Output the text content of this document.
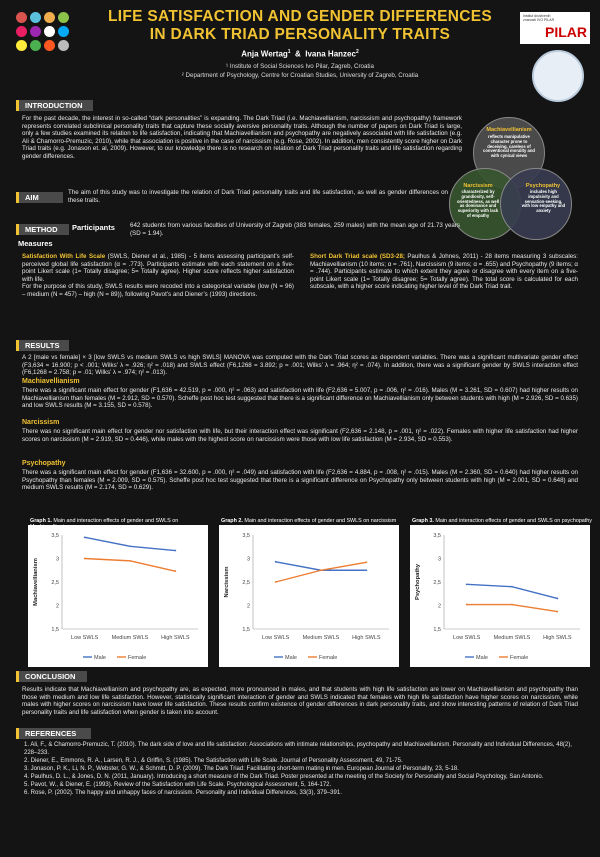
LIFE SATISFACTION AND GENDER DIFFERENCES
IN DARK TRIAD PERSONALITY TRAITS
Anja Wertag$^1$ & Ivana Hanzec$^2$
¹ Institute of Social Sciences Ivo Pilar, Zagreb, Croatia
² Department of Psychology, Centre for Croatian Studies, University of Zagreb, Croatia
Institut društvenih znanosti IVO PILAR
PILAR
INTRODUCTION
For the past decade, the interest in so-called “dark personalities” is expanding. The Dark Triad (i.e. Machiavellianism, narcissism and psychopathy) framework represents correlated subclinical personality traits that capture these socially aversive personality traits. Although the number of papers on Dark Triad is large, only a few studies examined its relation to life satisfaction, indicating that Machiavellianism and psychopathy are negatively associated with life satisfaction (e.g. Ali & Chamorro-Premuzic, 2010), while that association is positive in the case of narcissism (e.g. Rose, 2002). In addition, men consistently score higher on Dark Triad traits (e.g. Jonason et. al, 2009). However, to our knowledge there is no research on relation of Dark Triad personality traits and life satisfaction regarding gender differences.
Machiavellianism
reflects manipulative character prone to deceiving, careless of conventional morality and with cynical views
Narcissism
characterized by grandiosity, self-orientedness, as well as dominance and superiority with lack of empathy
Psychopathy
includes high impulsivity and sensation-seeking, with low empathy and anxiety
AIM
The aim of this study was to investigate the relation of Dark Triad personality traits and life satisfaction, as well as gender differences on these traits.
METHOD	Participants 642 students from various faculties of University of Zagreb (383 females, 259 males) with the mean age of 21.73 years (SD = 1.94).
Measures
Satisfaction With Life Scale (SWLS, Diener et al., 1985) - 5 items assessing participant’s self-perceived global life satisfaction (α = .773). Participants estimate with each statement on a five-point Likert scale (1= Totally disagree; 5= Totally agree). Higher score reflects higher satisfaction with life.
For the purpose of this study, SWLS results were recoded into a categorical variable (low (N = 96) – medium (N = 457) – high (N = 89)), following Pavot’s and Diener’s (1993) directions.
Short Dark Triad scale (SD3-28; Paulhus & Johnes, 2011) - 28 items measuring 3 subscales: Machiavellianism (10 items; α = .761), Narcissism (9 items; α = .655) and Psychopathy (9 items; α = .744). Participants estimate to which extent they agree or disagree with every item on a five-point Likert scale (1= Totally disagree; 5= Totally agree). The total score is calculated for each subscale, with a higher score indicating higher level of the Dark Triad trait.
RESULTS
A 2 [male vs female] × 3 [low SWLS vs medium SWLS vs high SWLS] MANOVA was computed with the Dark Triad scores as dependent variables. There was a significant multivariate gender effect (F3,634 = 16.900; p < .001; Wilks’ λ = .926; η² = .018) and SWLS effect (F6,1268 = 3.892; p = .001; Wilks’ λ = .964; η² = .074). In addition, there was a significant gender by SWLS interaction effect (F6,1268 = 2.758; p = .01; Wilks’ λ = .974; η² = .013).
Machiavellianism
There was a significant main effect for gender (F1,636 = 42.519, p = .000, η² = .063) and satisfaction with life (F2,636 = 5.007, p = .006, η² = .016). Males (M = 3.261, SD = 0.607) had higher results on Machiavellianism than females (M = 2.912, SD = 0.570). Scheffe post hoc test suggested that there is a significant difference on Machiavellianism only between students with high (M = 2.926, SD = 0.635) and low SWLS results (M = 3.155, SD = 0.578).
Narcissism
There was no significant main effect for gender nor satisfaction with life, but their interaction effect was significant (F2,636 = 2.148, p = .001, η² = .022). Females with higher life satisfaction had higher scores on narcissism (M = 2.919, SD = 0.446), while males with the highest score on narcissism were those with low life satisfaction (M = 2.934, SD = 0.553).
Psychopathy
There was a significant main effect for gender (F1,636 = 32.600, p = .000, η² = .049) and satisfaction with life (F2,636 = 4.884, p = .008, η² = .015). Males (M = 2.360, SD = 0.640) had higher results on Psychopathy than females (M = 2.009, SD = 0.575). Scheffe post hoc test suggested that there is a significant difference on Psychopathy only between students with high (M = 2.001, SD = 0.648) and medium SWLS results (M = 2.174, SD = 0.629).
Graph 1. Main and interaction effects of gender and SWLS on	Graph 2. Main and interaction effects of gender and SWLS on narcissism	Graph 3. Main and interaction effects of gender and SWLS on psychopathy
1,5
2
2,5
3
3,5
Machiavellianism
Low SWLS Medium SWLS High SWLS
Male	Female
1,5
2
2,5
3
3,5
Narcissism
Low SWLS Medium SWLS High SWLS
Male	Female
1,5
2
2,5
3
3,5
Psychopathy
Low SWLS Medium SWLS High SWLS
Male	Female
CONCLUSION
Results indicate that Machiavellianism and psychopathy are, as expected, more pronounced in males, and that students with high life satisfaction are lower on Machiavellianism and psychopathy than those with medium and low life satisfaction. However, statistically significant interaction of gender and SWLS indicated that females with high life satisfaction have higher scores on narcissism, while males with higher scores on narcissism have lower life satisfaction. These results confirm existence of gender differences in dark personality traits, and show interesting patterns of relation of Dark Triad personality traits and life satisfaction when gender is taken into account.
REFERENCES
1. Ali, F., & Chamorro-Premuzic, T. (2010). The dark side of love and life satisfaction: Associations with intimate relationships, psychopathy and Machiavellianism. Personality and Individual Differences, 48(2), 228–233.
2. Diener, E., Emmons, R. A., Larsen, R. J., & Griffin, S. (1985). The Satisfaction with Life Scale. Journal of Personality Assessment, 49, 71-75.
3. Jonason, P. K., Li, N. P., Webster, G. W., & Schmitt, D. P. (2009). The Dark Triad: Facilitating short-term mating in men. European Journal of Personality, 23, 5-18.
4. Paulhus, D. L., & Jones, D. N. (2011, January). Introducing a short measure of the Dark Triad. Poster presented at the meeting of the Society for Personality and Social Psychology, San Antonio.
5. Pavot, W., & Diener, E. (1993). Review of the Satisfaction with Life Scale. Psychological Assessment, 5, 164-172.
6. Rose, P. (2002). The happy and unhappy faces of narcissism. Personality and Individual Differences, 33(3), 379–391.
